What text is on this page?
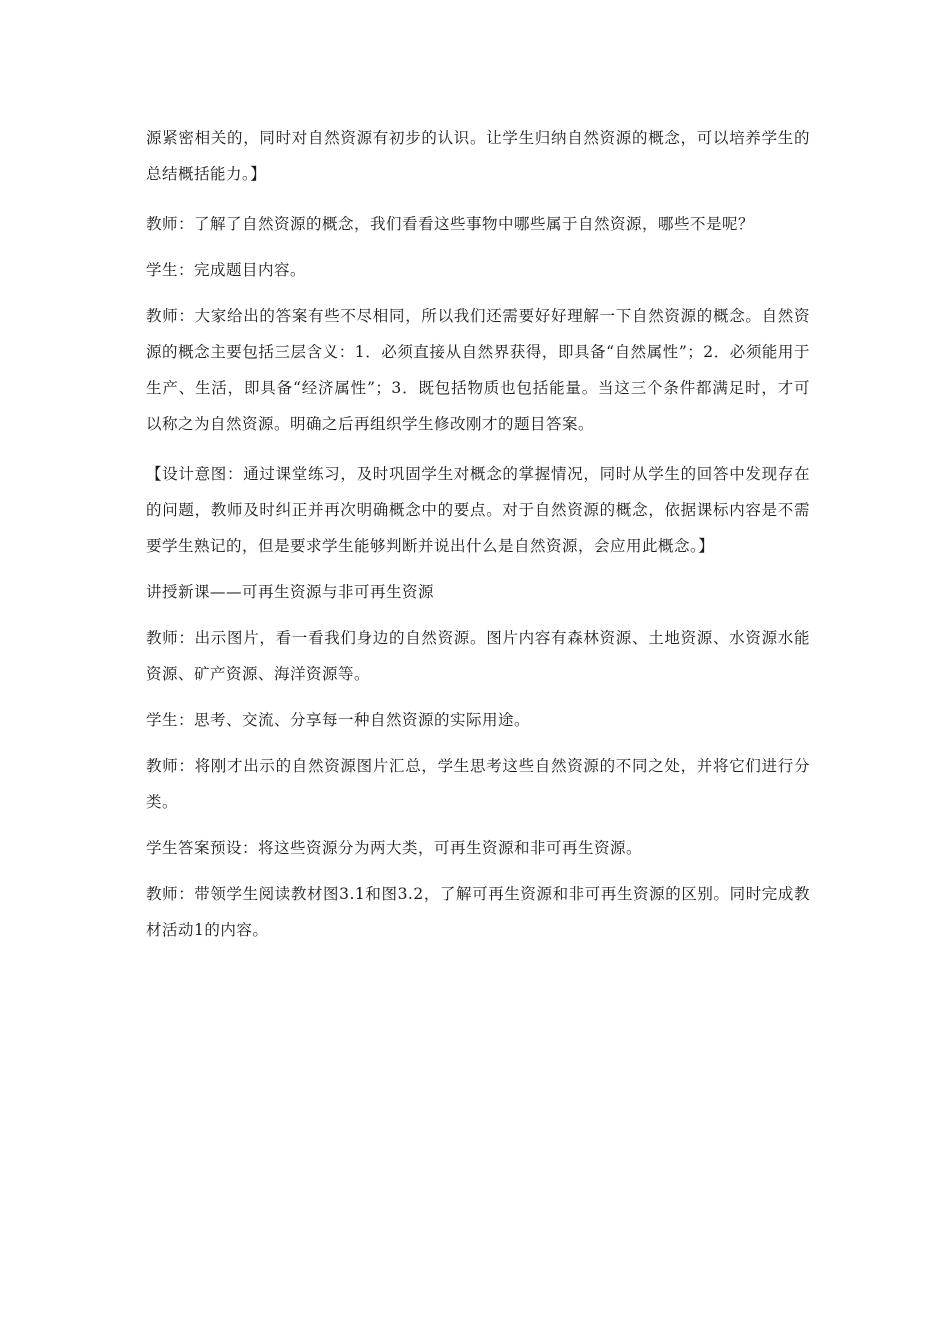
源紧密相关的，同时对自然资源有初步的认识。让学生归纳自然资源的概念，可以培养学生的总结概括能力。】

教师：了解了自然资源的概念，我们看看这些事物中哪些属于自然资源，哪些不是呢？

学生：完成题目内容。

教师：大家给出的答案有些不尽相同，所以我们还需要好好理解一下自然资源的概念。自然资源的概念主要包括三层含义：1．必须直接从自然界获得，即具备“自然属性”；2．必须能用于生产、生活，即具备“经济属性”；3．既包括物质也包括能量。当这三个条件都满足时，才可以称之为自然资源。明确之后再组织学生修改刚才的题目答案。

【设计意图：通过课堂练习，及时巩固学生对概念的掌握情况，同时从学生的回答中发现存在的问题，教师及时纠正并再次明确概念中的要点。对于自然资源的概念，依据课标内容是不需要学生熟记的，但是要求学生能够判断并说出什么是自然资源，会应用此概念。】

讲授新课——可再生资源与非可再生资源

教师：出示图片，看一看我们身边的自然资源。图片内容有森林资源、土地资源、水资源水能资源、矿产资源、海洋资源等。

学生：思考、交流、分享每一种自然资源的实际用途。

教师：将刚才出示的自然资源图片汇总，学生思考这些自然资源的不同之处，并将它们进行分类。

学生答案预设：将这些资源分为两大类，可再生资源和非可再生资源。

教师：带领学生阅读教材图3.1和图3.2，了解可再生资源和非可再生资源的区别。同时完成教材活动1的内容。
